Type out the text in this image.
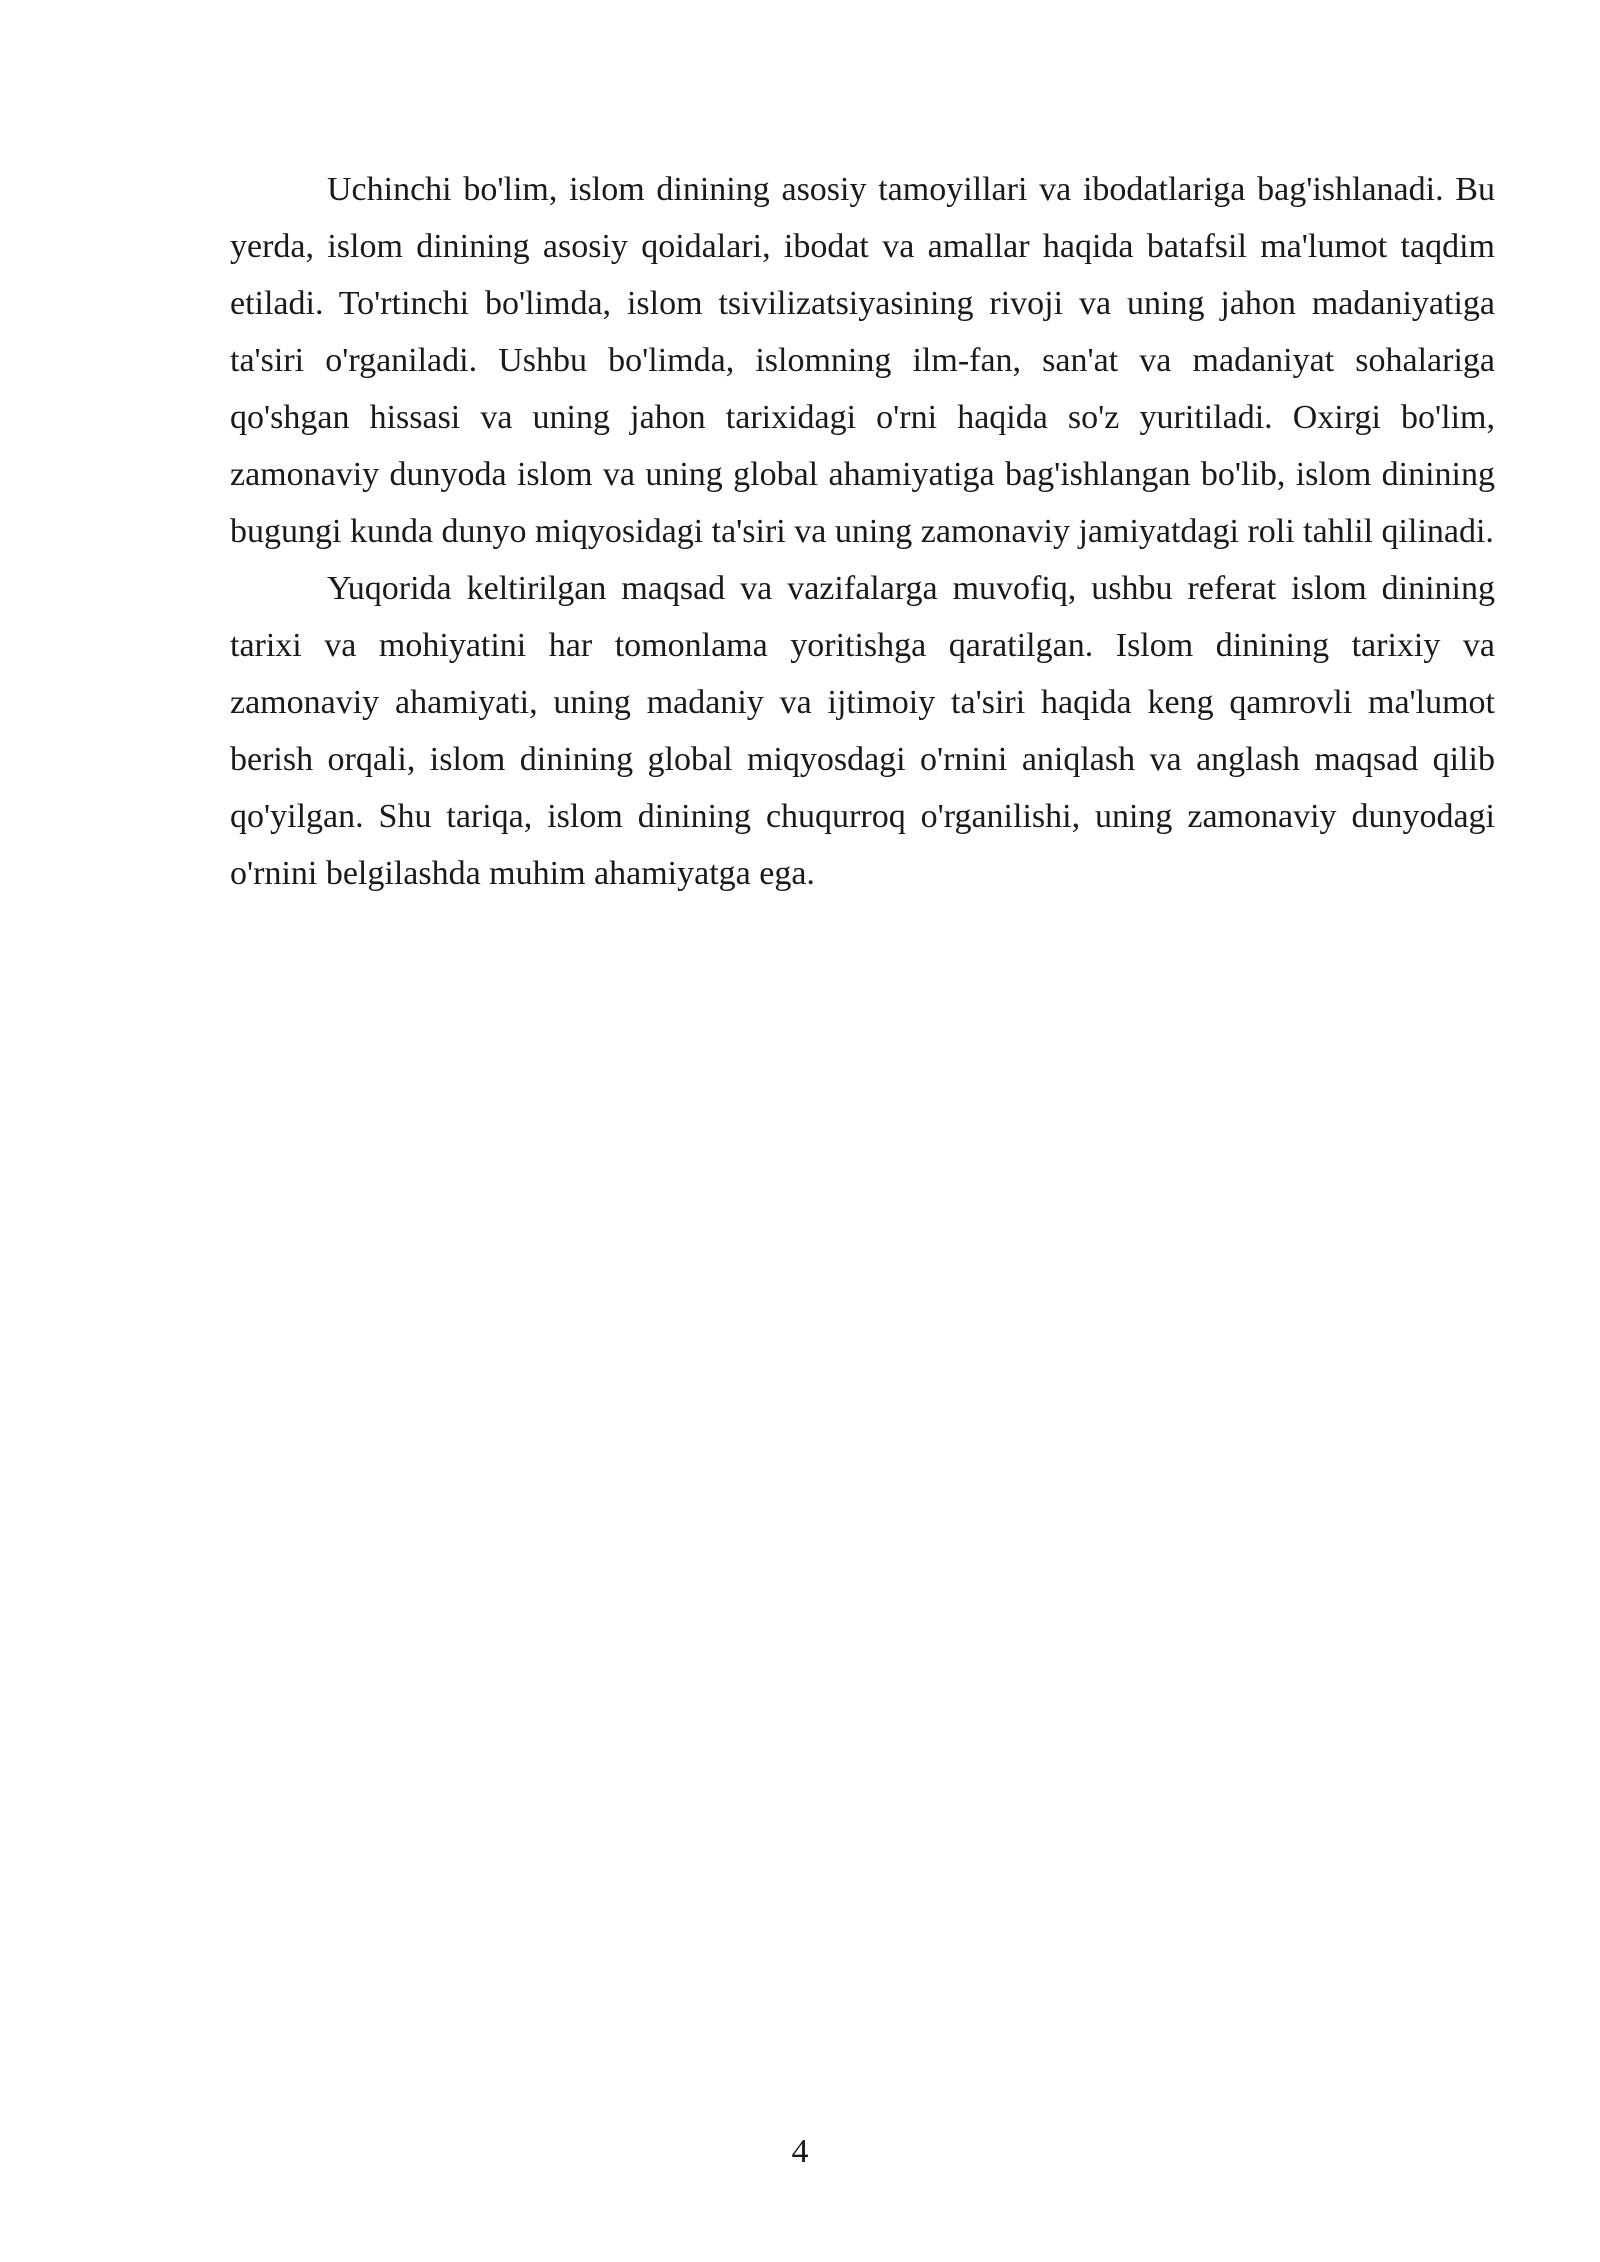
Uchinchi bo'lim, islom dinining asosiy tamoyillari va ibodatlariga bag'ishlanadi. Bu yerda, islom dinining asosiy qoidalari, ibodat va amallar haqida batafsil ma'lumot taqdim etiladi. To'rtinchi bo'limda, islom tsivilizatsiyasining rivoji va uning jahon madaniyatiga ta'siri o'rganiladi. Ushbu bo'limda, islomning ilm-fan, san'at va madaniyat sohalariga qo'shgan hissasi va uning jahon tarixidagi o'rni haqida so'z yuritiladi. Oxirgi bo'lim, zamonaviy dunyoda islom va uning global ahamiyatiga bag'ishlangan bo'lib, islom dinining bugungi kunda dunyo miqyosidagi ta'siri va uning zamonaviy jamiyatdagi roli tahlil qilinadi.

Yuqorida keltirilgan maqsad va vazifalarga muvofiq, ushbu referat islom dinining tarixi va mohiyatini har tomonlama yoritishga qaratilgan. Islom dinining tarixiy va zamonaviy ahamiyati, uning madaniy va ijtimoiy ta'siri haqida keng qamrovli ma'lumot berish orqali, islom dinining global miqyosdagi o'rnini aniqlash va anglash maqsad qilib qo'yilgan. Shu tariqa, islom dinining chuqurroq o'rganilishi, uning zamonaviy dunyodagi o'rnini belgilashda muhim ahamiyatga ega.

4
